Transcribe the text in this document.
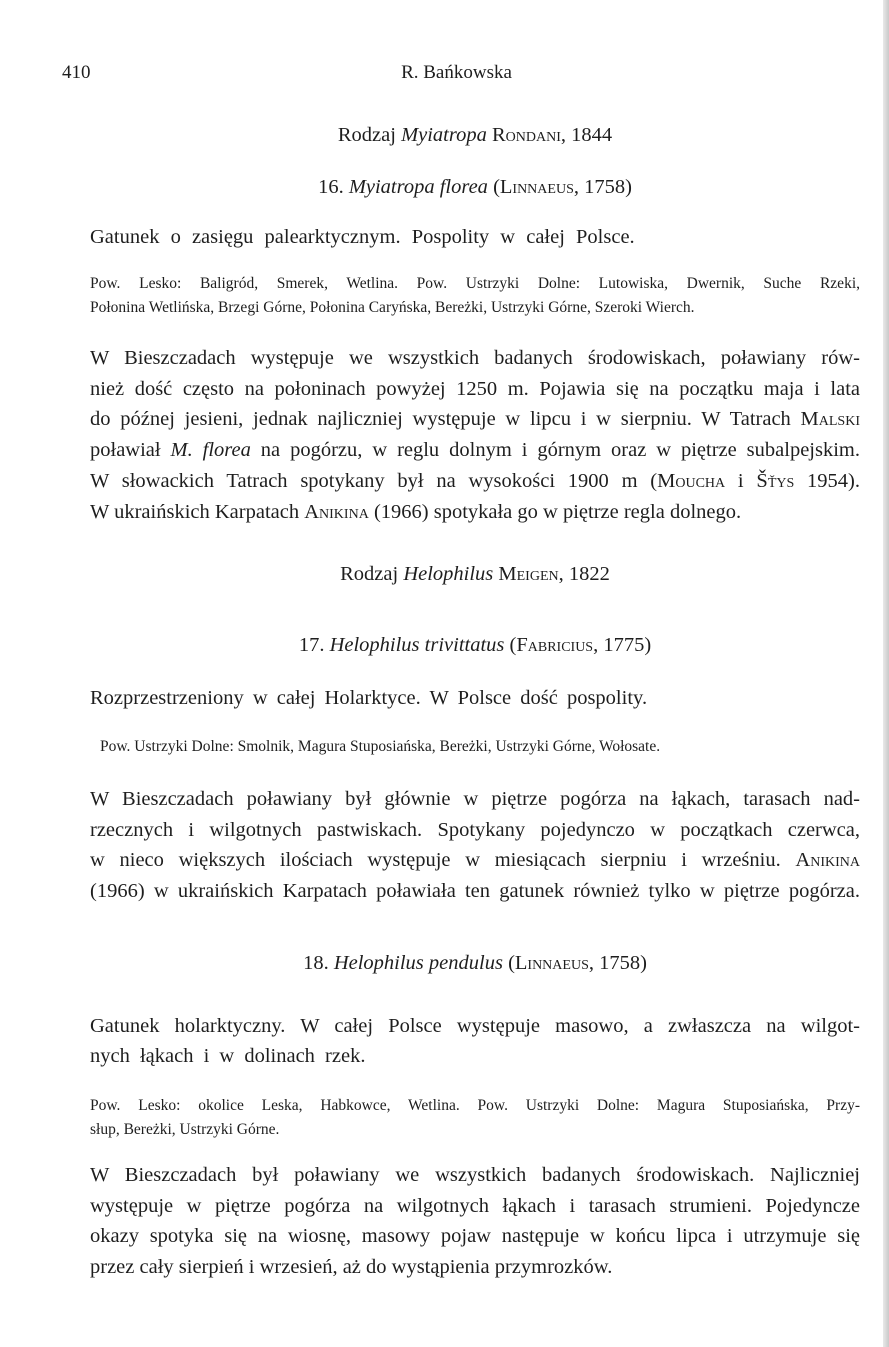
410	R. Bańkowska
Rodzaj Myiatropa Rondani, 1844
16. Myiatropa florea (Linnaeus, 1758)
Gatunek o zasięgu palearktycznym. Pospolity w całej Polsce.
Pow. Lesko: Baligród, Smerek, Wetlina. Pow. Ustrzyki Dolne: Lutowiska, Dwernik, Suche Rzeki,
Połonina Wetlińska, Brzegi Górne, Połonina Caryńska, Bereżki, Ustrzyki Górne, Szeroki Wierch.
W Bieszczadach występuje we wszystkich badanych środowiskach, poławiany rów-
nież dość często na połoninach powyżej 1250 m. Pojawia się na początku maja i lata
do późnej jesieni, jednak najliczniej występuje w lipcu i w sierpniu. W Tatrach Malski
poławiał M. florea na pogórzu, w reglu dolnym i górnym oraz w piętrze subalpejskim.
W słowackich Tatrach spotykany był na wysokości 1900 m (Moucha i Šťys 1954).
W ukraińskich Karpatach Anikina (1966) spotykała go w piętrze regla dolnego.
Rodzaj Helophilus Meigen, 1822
17. Helophilus trivittatus (Fabricius, 1775)
Rozprzestrzeniony w całej Holarktyce. W Polsce dość pospolity.
Pow. Ustrzyki Dolne: Smolnik, Magura Stuposiańska, Bereżki, Ustrzyki Górne, Wołosate.
W Bieszczadach poławiany był głównie w piętrze pogórza na łąkach, tarasach nad-
rzecznych i wilgotnych pastwiskach. Spotykany pojedynczo w początkach czerwca,
w nieco większych ilościach występuje w miesiącach sierpniu i wrześniu. Anikina
(1966) w ukraińskich Karpatach poławiała ten gatunek również tylko w piętrze pogórza.
18. Helophilus pendulus (Linnaeus, 1758)
Gatunek holarktyczny. W całej Polsce występuje masowo, a zwłaszcza na wilgot-
nych łąkach i w dolinach rzek.
Pow. Lesko: okolice Leska, Habkowce, Wetlina. Pow. Ustrzyki Dolne: Magura Stuposiańska, Przy-
słup, Bereżki, Ustrzyki Górne.
W Bieszczadach był poławiany we wszystkich badanych środowiskach. Najliczniej
występuje w piętrze pogórza na wilgotnych łąkach i tarasach strumieni. Pojedyncze
okazy spotyka się na wiosnę, masowy pojaw następuje w końcu lipca i utrzymuje się
przez cały sierpień i wrzesień, aż do wystąpienia przymrozków.
